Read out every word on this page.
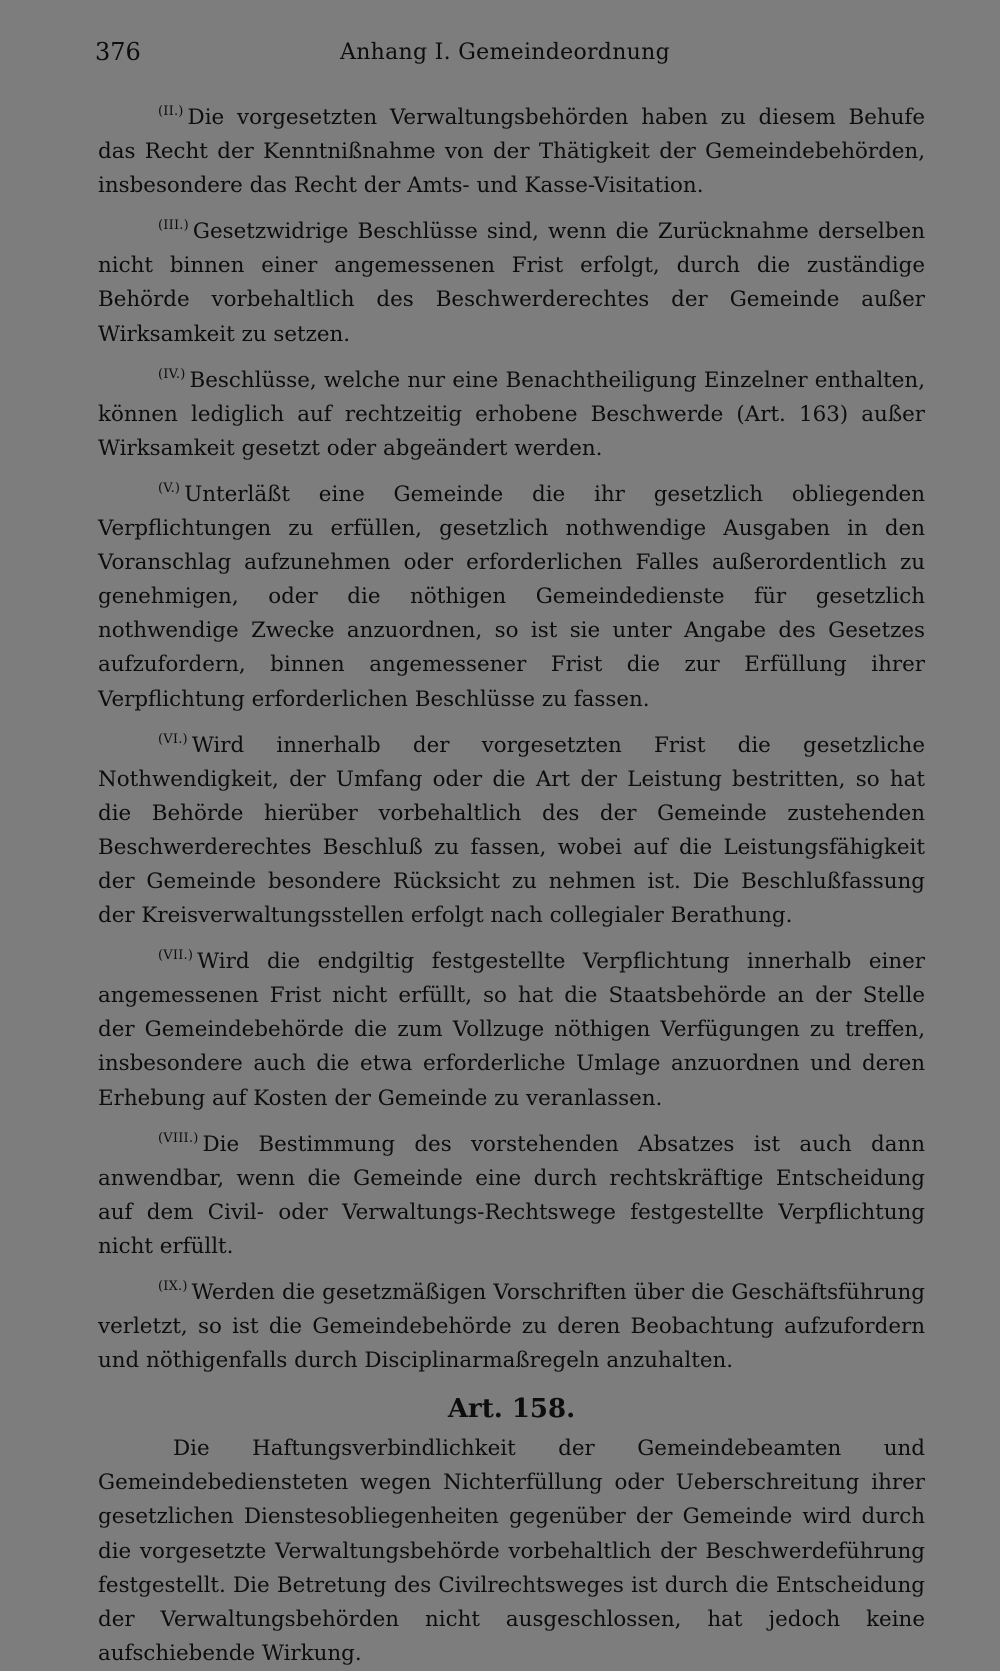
376	Anhang I. Gemeindeordnung

$^{(II.)}$ Die vorgesetzten Verwaltungsbehörden haben zu diesem Behufe das Recht der Kenntnißnahme von der Thätigkeit der Gemeindebehörden, insbesondere das Recht der Amts- und Kasse-Visitation.

$^{(III.)}$ Gesetzwidrige Beschlüsse sind, wenn die Zurücknahme derselben nicht binnen einer angemessenen Frist erfolgt, durch die zuständige Behörde vorbehaltlich des Beschwerderechtes der Gemeinde außer Wirksamkeit zu setzen.

$^{(IV.)}$ Beschlüsse, welche nur eine Benachtheiligung Einzelner enthalten, können lediglich auf rechtzeitig erhobene Beschwerde (Art. 163) außer Wirksamkeit gesetzt oder abgeändert werden.

$^{(V.)}$ Unterläßt eine Gemeinde die ihr gesetzlich obliegenden Verpflichtungen zu erfüllen, gesetzlich nothwendige Ausgaben in den Voranschlag aufzunehmen oder erforderlichen Falles außerordentlich zu genehmigen, oder die nöthigen Gemeindedienste für gesetzlich nothwendige Zwecke anzuordnen, so ist sie unter Angabe des Gesetzes aufzufordern, binnen angemessener Frist die zur Erfüllung ihrer Verpflichtung erforderlichen Beschlüsse zu fassen.

$^{(VI.)}$ Wird innerhalb der vorgesetzten Frist die gesetzliche Nothwendigkeit, der Umfang oder die Art der Leistung bestritten, so hat die Behörde hierüber vorbehaltlich des der Gemeinde zustehenden Beschwerderechtes Beschluß zu fassen, wobei auf die Leistungsfähigkeit der Gemeinde besondere Rücksicht zu nehmen ist. Die Beschlußfassung der Kreisverwaltungsstellen erfolgt nach collegialer Berathung.

$^{(VII.)}$ Wird die endgiltig festgestellte Verpflichtung innerhalb einer angemessenen Frist nicht erfüllt, so hat die Staatsbehörde an der Stelle der Gemeindebehörde die zum Vollzuge nöthigen Verfügungen zu treffen, insbesondere auch die etwa erforderliche Umlage anzuordnen und deren Erhebung auf Kosten der Gemeinde zu veranlassen.

$^{(VIII.)}$ Die Bestimmung des vorstehenden Absatzes ist auch dann anwendbar, wenn die Gemeinde eine durch rechtskräftige Entscheidung auf dem Civil- oder Verwaltungs-Rechtswege festgestellte Verpflichtung nicht erfüllt.

$^{(IX.)}$ Werden die gesetzmäßigen Vorschriften über die Geschäftsführung verletzt, so ist die Gemeindebehörde zu deren Beobachtung aufzufordern und nöthigenfalls durch Disciplinarmaßregeln anzuhalten.

Art. 158.

Die Haftungsverbindlichkeit der Gemeindebeamten und Gemeindebediensteten wegen Nichterfüllung oder Ueberschreitung ihrer gesetzlichen Dienstesobliegenheiten gegenüber der Gemeinde wird durch die vorgesetzte Verwaltungsbehörde vorbehaltlich der Beschwerdeführung festgestellt. Die Betretung des Civilrechtsweges ist durch die Entscheidung der Verwaltungsbehörden nicht ausgeschlossen, hat jedoch keine aufschiebende Wirkung.
